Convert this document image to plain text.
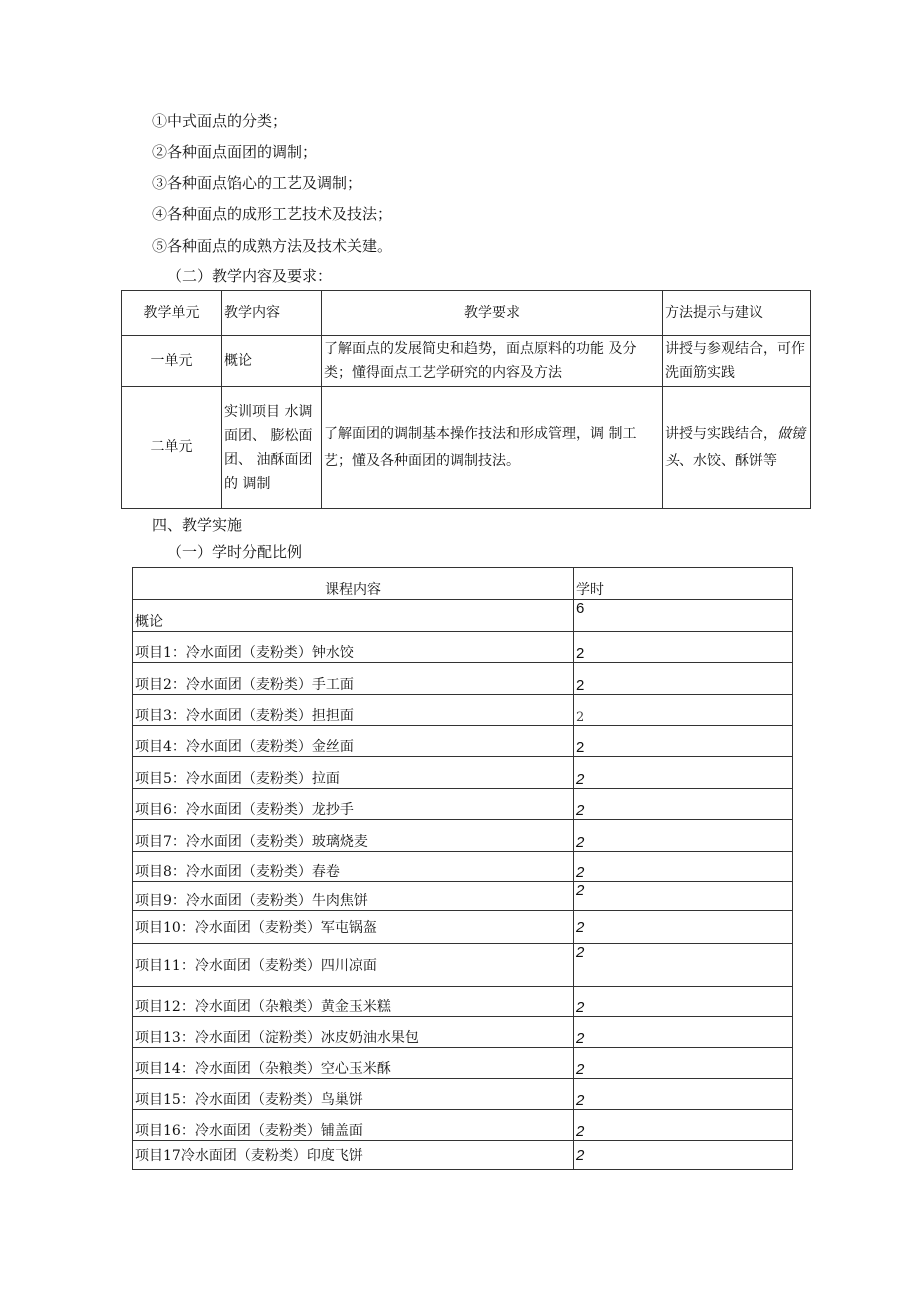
①中式面点的分类；
②各种面点面团的调制；
③各种面点馅心的工艺及调制；
④各种面点的成形工艺技术及技法；
⑤各种面点的成熟方法及技术关建。
（二）教学内容及要求：
教学单元	教学内容	教学要求	方法提示与建议
一单元	概论	了解面点的发展简史和趋势，面点原料的功能 及分类；懂得面点工艺学研究的内容及方法	讲授与参观结合，可作洗面筋实践
二单元	实训项目 水调面团、 膨松面团、 油酥面团的 调制	了解面团的调制基本操作技法和形成管理，调 制工艺；懂及各种面团的调制技法。	讲授与实践结合，做镜头、水饺、酥饼等
四、教学实施
（一）学时分配比例
课程内容	学时
概论	6
项目1：冷水面团（麦粉类）钟水饺	2
项目2：冷水面团（麦粉类）手工面	2
项目3：冷水面团（麦粉类）担担面	2
项目4：冷水面团（麦粉类）金丝面	2
项目5：冷水面团（麦粉类）拉面	2
项目6：冷水面团（麦粉类）龙抄手	2
项目7：冷水面团（麦粉类）玻璃烧麦	2
项目8：冷水面团（麦粉类）春卷	2
项目9：冷水面团（麦粉类）牛肉焦饼	2
项目10：冷水面团（麦粉类）军屯锅盔	2
项目11：冷水面团（麦粉类）四川凉面	2
项目12：冷水面团（杂粮类）黄金玉米糕	2
项目13：冷水面团（淀粉类）冰皮奶油水果包	2
项目14：冷水面团（杂粮类）空心玉米酥	2
项目15：冷水面团（麦粉类）鸟巢饼	2
项目16：冷水面团（麦粉类）铺盖面	2
项目17冷水面团（麦粉类）印度飞饼	2
